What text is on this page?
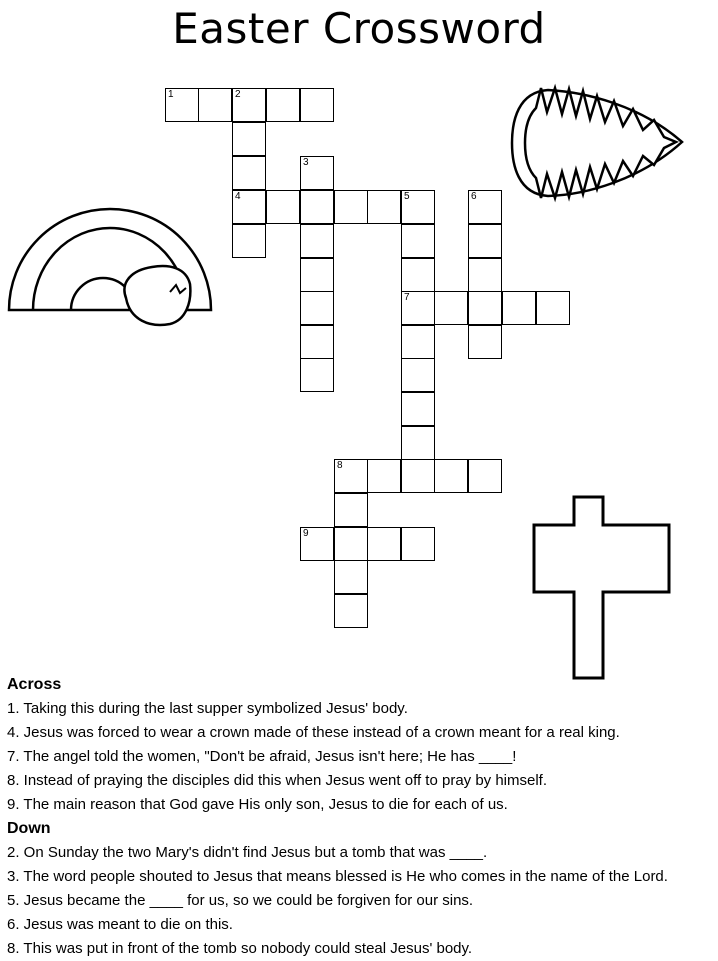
Easter Crossword
1	2
3
4	5	6
7
8
9
Across
1. Taking this during the last supper symbolized Jesus' body.
4. Jesus was forced to wear a crown made of these instead of a crown meant for a real king.
7. The angel told the women, "Don't be afraid, Jesus isn't here; He has ____!
8. Instead of praying the disciples did this when Jesus went off to pray by himself.
9. The main reason that God gave His only son, Jesus to die for each of us.
Down
2. On Sunday the two Mary's didn't find Jesus but a tomb that was ____.
3. The word people shouted to Jesus that means blessed is He who comes in the name of the Lord.
5. Jesus became the ____ for us, so we could be forgiven for our sins.
6. Jesus was meant to die on this.
8. This was put in front of the tomb so nobody could steal Jesus' body.
